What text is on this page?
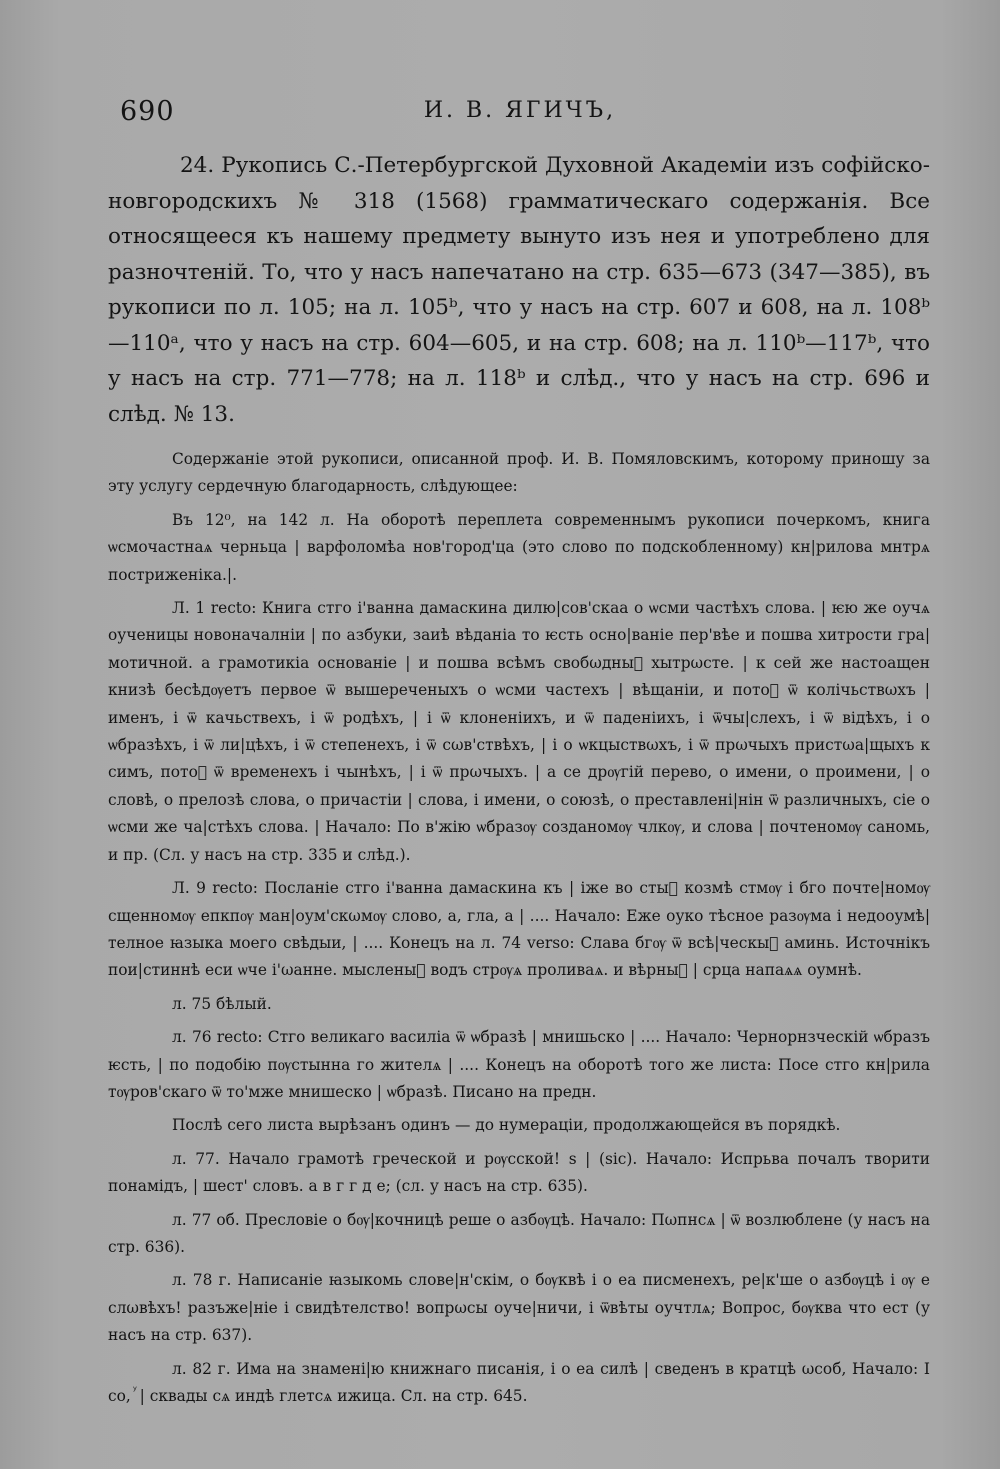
690	И. В. ЯГИЧЪ,

24. Рукопись С.-Петербургской Духовной Академіи изъ софійско-новгородскихъ № 318 (1568) грамматическаго содержанія. Все относящееся къ нашему предмету вынуто изъ нея и употреблено для разночтеній. То, что у насъ напечатано на стр. 635—673 (347—385), въ рукописи по л. 105; на л. 105ᵇ, что у насъ на стр. 607 и 608, на л. 108ᵇ—110ᵃ, что у насъ на стр. 604—605, и на стр. 608; на л. 110ᵇ—117ᵇ, что у насъ на стр. 771—778; на л. 118ᵇ и слѣд., что у насъ на стр. 696 и слѣд. № 13.

Содержаніе этой рукописи, описанной проф. И. В. Помяловскимъ, которому приношу за эту услугу сердечную благодарность, слѣдующее:

Въ 12⁰, на 142 л. На оборотѣ переплета современнымъ рукописи почеркомъ, книга ѡсмочастнаѧ черньца | варфоломѣа нов'город'ца (это слово по подскобленному) кн|рилова мнтрѧ постриженіка.|.

Л. 1 recto: Книга стго і'ванна дамаскина дилю|сов'скаа о ѡсми частѣхъ слова. | ѥю же оучѧ оученицы новоначалніи | по азбуки, заиѣ вѣданіа то ѥсть осно|ваніе пер'вѣе и пошва хитрости гра|мотичной. а грамотикіа основаніе | и пошва всѣмъ свобωдныⷨ хытрωсте. | к сей же настоащен книзѣ бесѣдѹетъ первое ѿ вышереченыхъ о ѡсми частехъ | вѣщаніи, и потоⷨ ѿ колічьствωхъ | именъ, і ѿ качьствехъ, і ѿ родѣхъ, | і ѿ клоненіихъ, и ѿ паденіихъ, і ѿчы|слехъ, і ѿ відѣхъ, і о ѡбразѣхъ, і ѿ ли|цѣхъ, і ѿ степенехъ, і ѿ сωв'ствѣхъ, | і о ѡкцыствωхъ, і ѿ прωчыхъ пристωа|щыхъ к симъ, потоⷨ ѿ временехъ і чынѣхъ, | і ѿ прωчыхъ. | а се дрѹгій перево, о имени, о проимени, | о словѣ, о прелозѣ слова, о причастіи | слова, і имени, о союзѣ, о преставлені|нін ѿ различныхъ, сіе о ѡсми же ча|стѣхъ слова. | Начало: По в'жію ѡбразѹ созданомѹ члкѹ, и слова | почтеномѹ саномь, и пр. (Сл. у насъ на стр. 335 и слѣд.).

Л. 9 recto: Посланіе стго і'ванна дамаскина къ | іже во стыⷯ козмѣ стмѹ і бго почте|номѹ сщенномѹ епкпѹ ман|оум'скωмѹ слово, а, гла, а | .... Начало: Еже оуко тѣсное разѹма і недооумѣ|телное ꙗзыка моего свѣдыи, | .... Конецъ на л. 74 verso: Слава бгѹ ѿ всѣ|ческыⷯ аминь. Источнікъ пои|стиннѣ еси ѡче і'ωанне. мысленыⷯ водъ стрѹѧ проливаѧ. и вѣрныⷯ | срца напаѧѧ оумнѣ.

л. 75 бѣлый.

л. 76 recto: Стго великаго василіа ѿ ѡбразѣ | мнишьско | .... Начало: Чернорнзческій ѡбразъ ѥсть, | по подобію пѹстынна го жителѧ | .... Конецъ на оборотѣ того же листа: Посе стго кн|рила тѹров'скаго ѿ то'мже мнишеско | ѡбразѣ. Писано на предн.

Послѣ сего листа вырѣзанъ одинъ — до нумераціи, продолжающейся въ порядкѣ.

л. 77. Начало грамотѣ греческой и рѹсской! ѕ | (sic). Начало: Испрьва почалъ творити понамідъ, | шест' словъ. а в г г д е; (сл. у насъ на стр. 635).

л. 77 об. Пресловіе о бѹ|кочницѣ реше о азбѹцѣ. Начало: Пωпнсѧ | ѿ возлюблене (у насъ на стр. 636).

л. 78 г. Написаніе ꙗзыкомь слове|н'скім, о бѹквѣ і о еа писменехъ, ре|к'ше о азбѹцѣ і ѹ е слωвѣхъ! разъже|ніе і свидѣтелство! вопрωсы оуче|ничи, і ѿвѣты оучтлѧ; Вопрос, бѹква что ест (у насъ на стр. 637).

л. 82 г. Има на знамені|ю книжнаго писанія, і о еа силѣ | сведенъ в кратцѣ ωсоб, Начало: І со, ꙷ | сквады сѧ индѣ глетсѧ ижица. Сл. на стр. 645.
